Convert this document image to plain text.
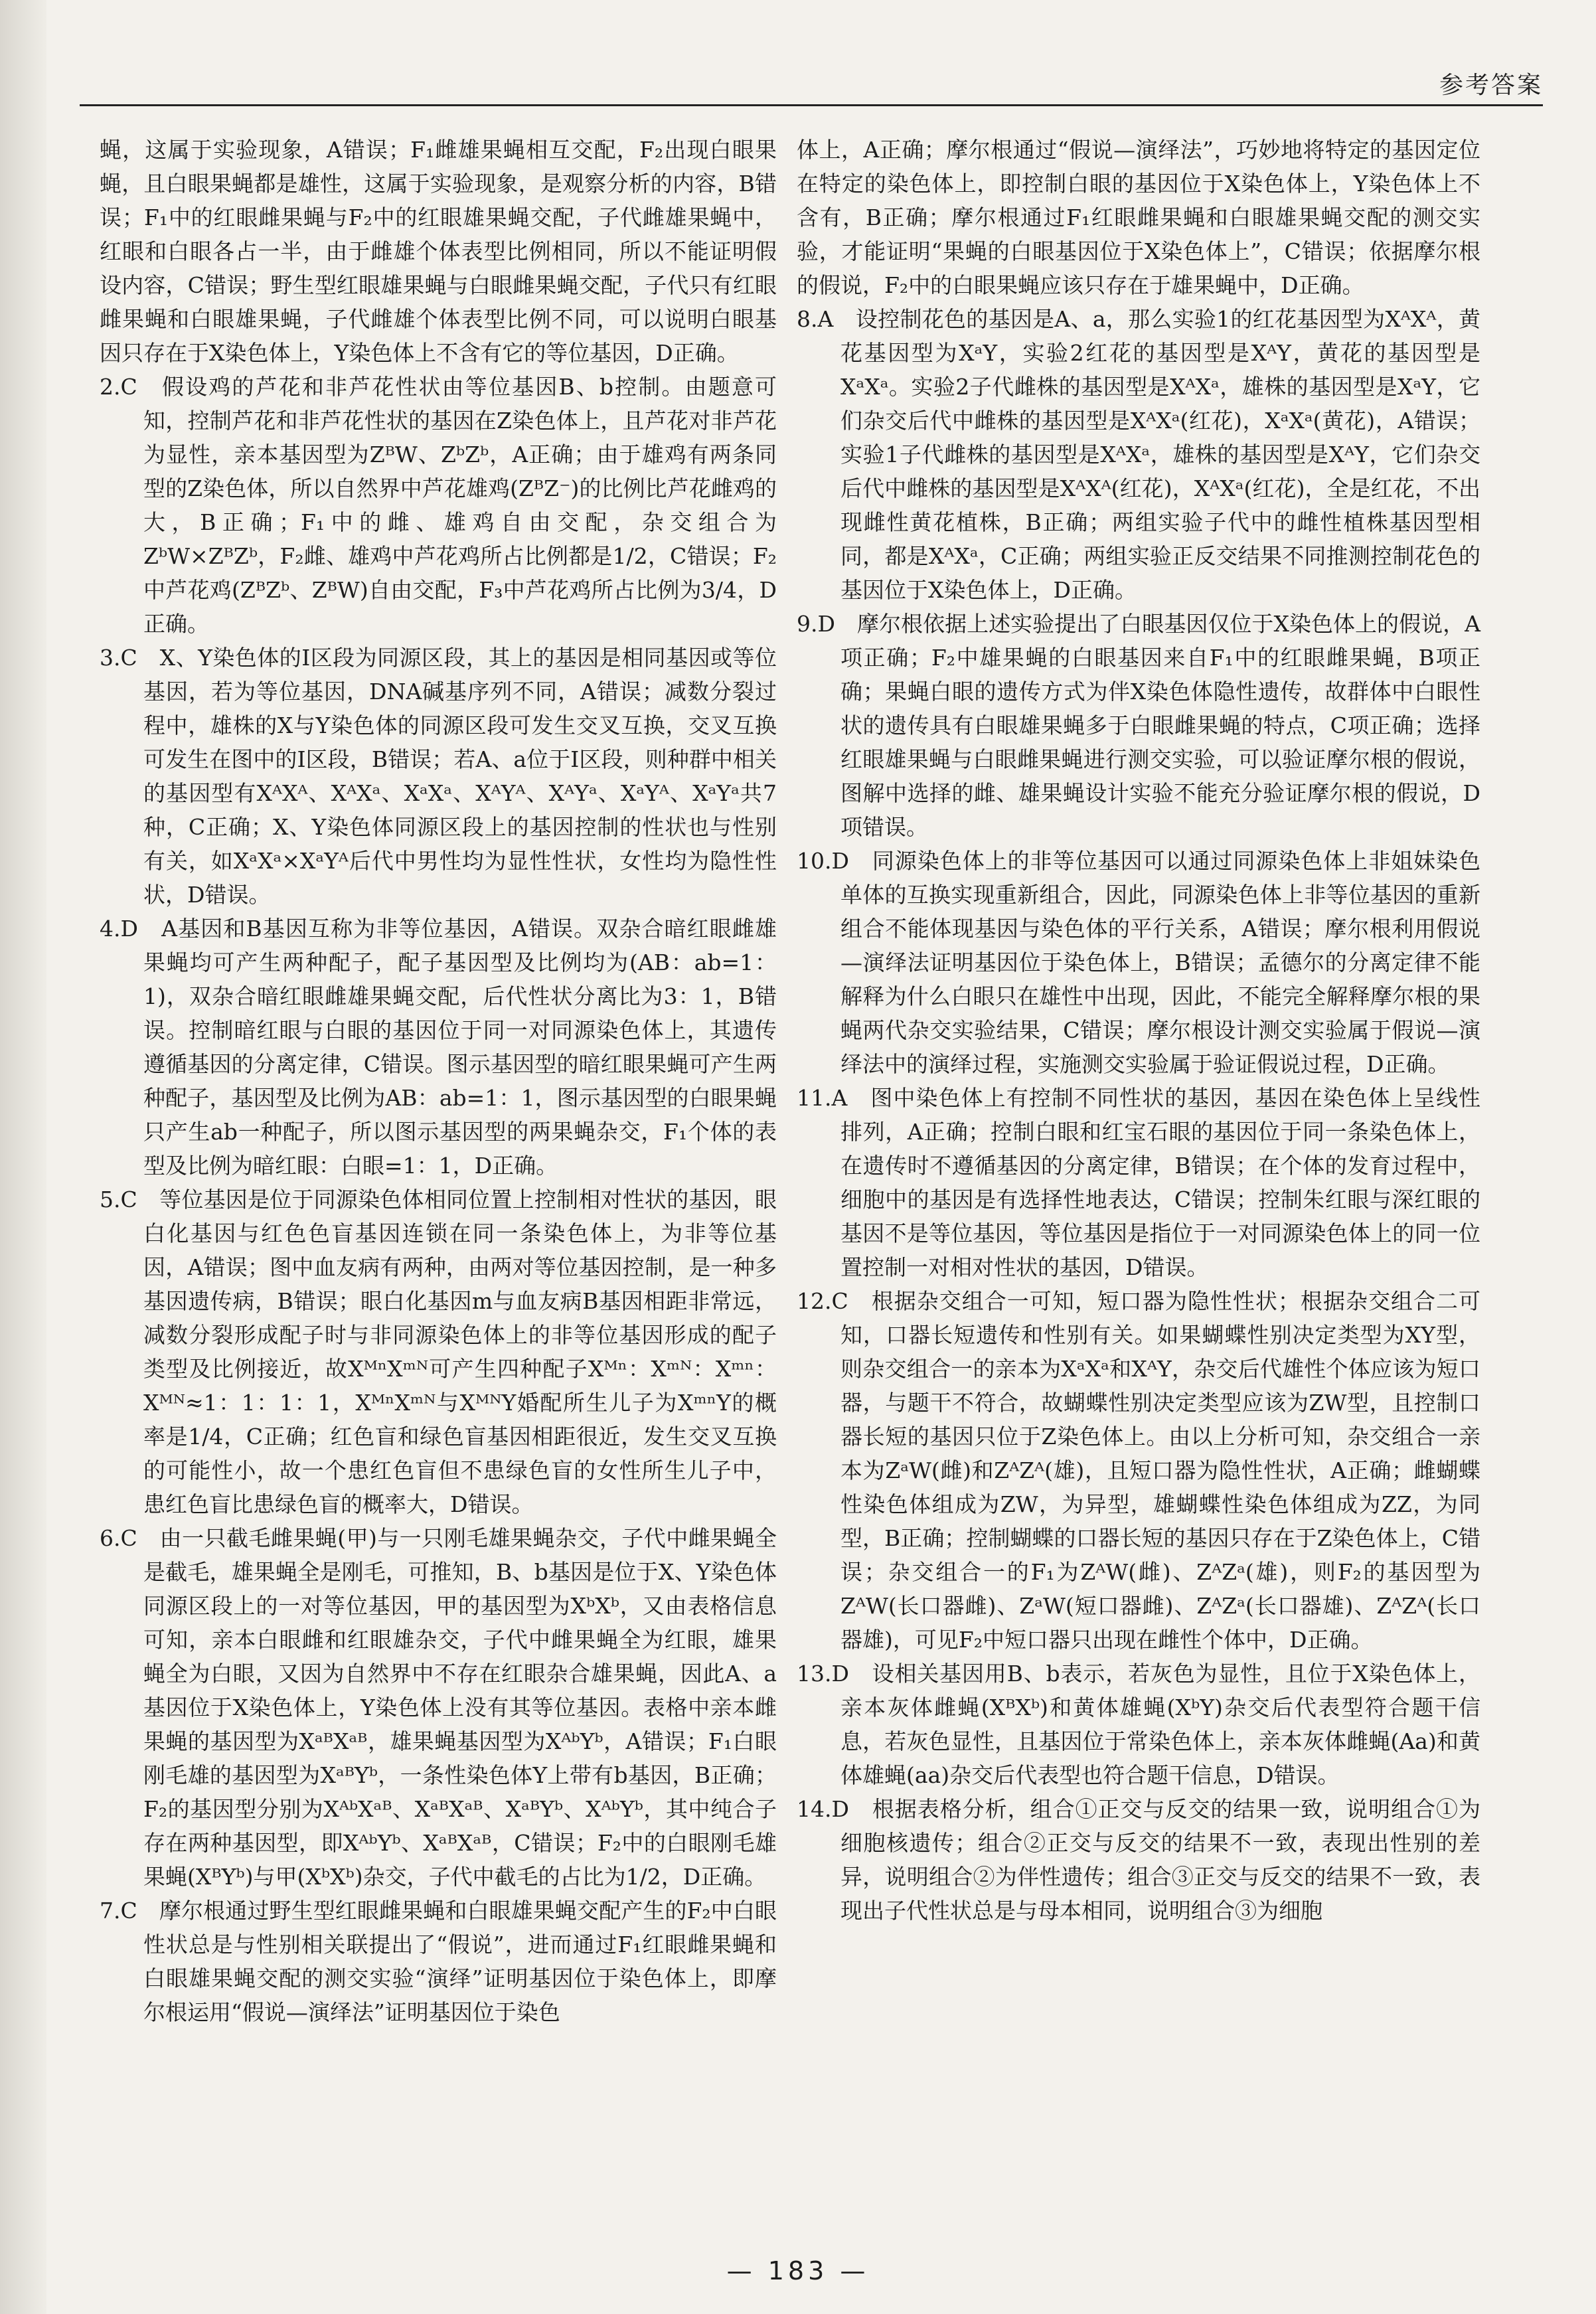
参考答案

蝇，这属于实验现象，A错误；F₁雌雄果蝇相互交配，F₂出现白眼果蝇，且白眼果蝇都是雄性，这属于实验现象，是观察分析的内容，B错误；F₁中的红眼雌果蝇与F₂中的红眼雄果蝇交配，子代雌雄果蝇中，红眼和白眼各占一半，由于雌雄个体表型比例相同，所以不能证明假设内容，C错误；野生型红眼雄果蝇与白眼雌果蝇交配，子代只有红眼雌果蝇和白眼雄果蝇，子代雌雄个体表型比例不同，可以说明白眼基因只存在于X染色体上，Y染色体上不含有它的等位基因，D正确。

2.C　假设鸡的芦花和非芦花性状由等位基因B、b控制。由题意可知，控制芦花和非芦花性状的基因在Z染色体上，且芦花对非芦花为显性，亲本基因型为ZᴮW、ZᵇZᵇ，A正确；由于雄鸡有两条同型的Z染色体，所以自然界中芦花雄鸡(ZᴮZ⁻)的比例比芦花雌鸡的大，B正确；F₁中的雌、雄鸡自由交配，杂交组合为ZᵇW×ZᴮZᵇ，F₂雌、雄鸡中芦花鸡所占比例都是1/2，C错误；F₂中芦花鸡(ZᴮZᵇ、ZᴮW)自由交配，F₃中芦花鸡所占比例为3/4，D正确。

3.C　X、Y染色体的Ⅰ区段为同源区段，其上的基因是相同基因或等位基因，若为等位基因，DNA碱基序列不同，A错误；减数分裂过程中，雄株的X与Y染色体的同源区段可发生交叉互换，交叉互换可发生在图中的Ⅰ区段，B错误；若A、a位于Ⅰ区段，则种群中相关的基因型有XᴬXᴬ、XᴬXᵃ、XᵃXᵃ、XᴬYᴬ、XᴬYᵃ、XᵃYᴬ、XᵃYᵃ共7种，C正确；X、Y染色体同源区段上的基因控制的性状也与性别有关，如XᵃXᵃ×XᵃYᴬ后代中男性均为显性性状，女性均为隐性性状，D错误。

4.D　A基因和B基因互称为非等位基因，A错误。双杂合暗红眼雌雄果蝇均可产生两种配子，配子基因型及比例均为(AB：ab=1：1)，双杂合暗红眼雌雄果蝇交配，后代性状分离比为3：1，B错误。控制暗红眼与白眼的基因位于同一对同源染色体上，其遗传遵循基因的分离定律，C错误。图示基因型的暗红眼果蝇可产生两种配子，基因型及比例为AB：ab=1：1，图示基因型的白眼果蝇只产生ab一种配子，所以图示基因型的两果蝇杂交，F₁个体的表型及比例为暗红眼：白眼=1：1，D正确。

5.C　等位基因是位于同源染色体相同位置上控制相对性状的基因，眼白化基因与红色色盲基因连锁在同一条染色体上，为非等位基因，A错误；图中血友病有两种，由两对等位基因控制，是一种多基因遗传病，B错误；眼白化基因m与血友病B基因相距非常远，减数分裂形成配子时与非同源染色体上的非等位基因形成的配子类型及比例接近，故XᴹⁿXᵐᴺ可产生四种配子Xᴹⁿ：Xᵐᴺ：Xᵐⁿ：Xᴹᴺ≈1：1：1：1，XᴹⁿXᵐᴺ与XᴹᴺY婚配所生儿子为XᵐⁿY的概率是1/4，C正确；红色盲和绿色盲基因相距很近，发生交叉互换的可能性小，故一个患红色盲但不患绿色盲的女性所生儿子中，患红色盲比患绿色盲的概率大，D错误。

6.C　由一只截毛雌果蝇(甲)与一只刚毛雄果蝇杂交，子代中雌果蝇全是截毛，雄果蝇全是刚毛，可推知，B、b基因是位于X、Y染色体同源区段上的一对等位基因，甲的基因型为XᵇXᵇ，又由表格信息可知，亲本白眼雌和红眼雄杂交，子代中雌果蝇全为红眼，雄果蝇全为白眼，又因为自然界中不存在红眼杂合雄果蝇，因此A、a基因位于X染色体上，Y染色体上没有其等位基因。表格中亲本雌果蝇的基因型为XᵃᴮXᵃᴮ，雄果蝇基因型为XᴬᵇYᵇ，A错误；F₁白眼刚毛雄的基因型为XᵃᴮYᵇ，一条性染色体Y上带有b基因，B正确；F₂的基因型分别为XᴬᵇXᵃᴮ、XᵃᴮXᵃᴮ、XᵃᴮYᵇ、XᴬᵇYᵇ，其中纯合子存在两种基因型，即XᴬᵇYᵇ、XᵃᴮXᵃᴮ，C错误；F₂中的白眼刚毛雄果蝇(XᴮYᵇ)与甲(XᵇXᵇ)杂交，子代中截毛的占比为1/2，D正确。

7.C　摩尔根通过野生型红眼雌果蝇和白眼雄果蝇交配产生的F₂中白眼性状总是与性别相关联提出了“假说”，进而通过F₁红眼雌果蝇和白眼雄果蝇交配的测交实验“演绎”证明基因位于染色体上，即摩尔根运用“假说—演绎法”证明基因位于染色

体上，A正确；摩尔根通过“假说—演绎法”，巧妙地将特定的基因定位在特定的染色体上，即控制白眼的基因位于X染色体上，Y染色体上不含有，B正确；摩尔根通过F₁红眼雌果蝇和白眼雄果蝇交配的测交实验，才能证明“果蝇的白眼基因位于X染色体上”，C错误；依据摩尔根的假说，F₂中的白眼果蝇应该只存在于雄果蝇中，D正确。

8.A　设控制花色的基因是A、a，那么实验1的红花基因型为XᴬXᴬ，黄花基因型为XᵃY，实验2红花的基因型是XᴬY，黄花的基因型是XᵃXᵃ。实验2子代雌株的基因型是XᴬXᵃ，雄株的基因型是XᵃY，它们杂交后代中雌株的基因型是XᴬXᵃ(红花)，XᵃXᵃ(黄花)，A错误；实验1子代雌株的基因型是XᴬXᵃ，雄株的基因型是XᴬY，它们杂交后代中雌株的基因型是XᴬXᴬ(红花)，XᴬXᵃ(红花)，全是红花，不出现雌性黄花植株，B正确；两组实验子代中的雌性植株基因型相同，都是XᴬXᵃ，C正确；两组实验正反交结果不同推测控制花色的基因位于X染色体上，D正确。

9.D　摩尔根依据上述实验提出了白眼基因仅位于X染色体上的假说，A项正确；F₂中雄果蝇的白眼基因来自F₁中的红眼雌果蝇，B项正确；果蝇白眼的遗传方式为伴X染色体隐性遗传，故群体中白眼性状的遗传具有白眼雄果蝇多于白眼雌果蝇的特点，C项正确；选择红眼雄果蝇与白眼雌果蝇进行测交实验，可以验证摩尔根的假说，图解中选择的雌、雄果蝇设计实验不能充分验证摩尔根的假说，D项错误。

10.D　同源染色体上的非等位基因可以通过同源染色体上非姐妹染色单体的互换实现重新组合，因此，同源染色体上非等位基因的重新组合不能体现基因与染色体的平行关系，A错误；摩尔根利用假说—演绎法证明基因位于染色体上，B错误；孟德尔的分离定律不能解释为什么白眼只在雄性中出现，因此，不能完全解释摩尔根的果蝇两代杂交实验结果，C错误；摩尔根设计测交实验属于假说—演绎法中的演绎过程，实施测交实验属于验证假说过程，D正确。

11.A　图中染色体上有控制不同性状的基因，基因在染色体上呈线性排列，A正确；控制白眼和红宝石眼的基因位于同一条染色体上，在遗传时不遵循基因的分离定律，B错误；在个体的发育过程中，细胞中的基因是有选择性地表达，C错误；控制朱红眼与深红眼的基因不是等位基因，等位基因是指位于一对同源染色体上的同一位置控制一对相对性状的基因，D错误。

12.C　根据杂交组合一可知，短口器为隐性性状；根据杂交组合二可知，口器长短遗传和性别有关。如果蝴蝶性别决定类型为XY型，则杂交组合一的亲本为XᵃXᵃ和XᴬY，杂交后代雄性个体应该为短口器，与题干不符合，故蝴蝶性别决定类型应该为ZW型，且控制口器长短的基因只位于Z染色体上。由以上分析可知，杂交组合一亲本为ZᵃW(雌)和ZᴬZᴬ(雄)，且短口器为隐性性状，A正确；雌蝴蝶性染色体组成为ZW，为异型，雄蝴蝶性染色体组成为ZZ，为同型，B正确；控制蝴蝶的口器长短的基因只存在于Z染色体上，C错误；杂交组合一的F₁为ZᴬW(雌)、ZᴬZᵃ(雄)，则F₂的基因型为ZᴬW(长口器雌)、ZᵃW(短口器雌)、ZᴬZᵃ(长口器雄)、ZᴬZᴬ(长口器雄)，可见F₂中短口器只出现在雌性个体中，D正确。

13.D　设相关基因用B、b表示，若灰色为显性，且位于X染色体上，亲本灰体雌蝇(XᴮXᵇ)和黄体雄蝇(XᵇY)杂交后代表型符合题干信息，若灰色显性，且基因位于常染色体上，亲本灰体雌蝇(Aa)和黄体雄蝇(aa)杂交后代表型也符合题干信息，D错误。

14.D　根据表格分析，组合①正交与反交的结果一致，说明组合①为细胞核遗传；组合②正交与反交的结果不一致，表现出性别的差异，说明组合②为伴性遗传；组合③正交与反交的结果不一致，表现出子代性状总是与母本相同，说明组合③为细胞

— 183 —
